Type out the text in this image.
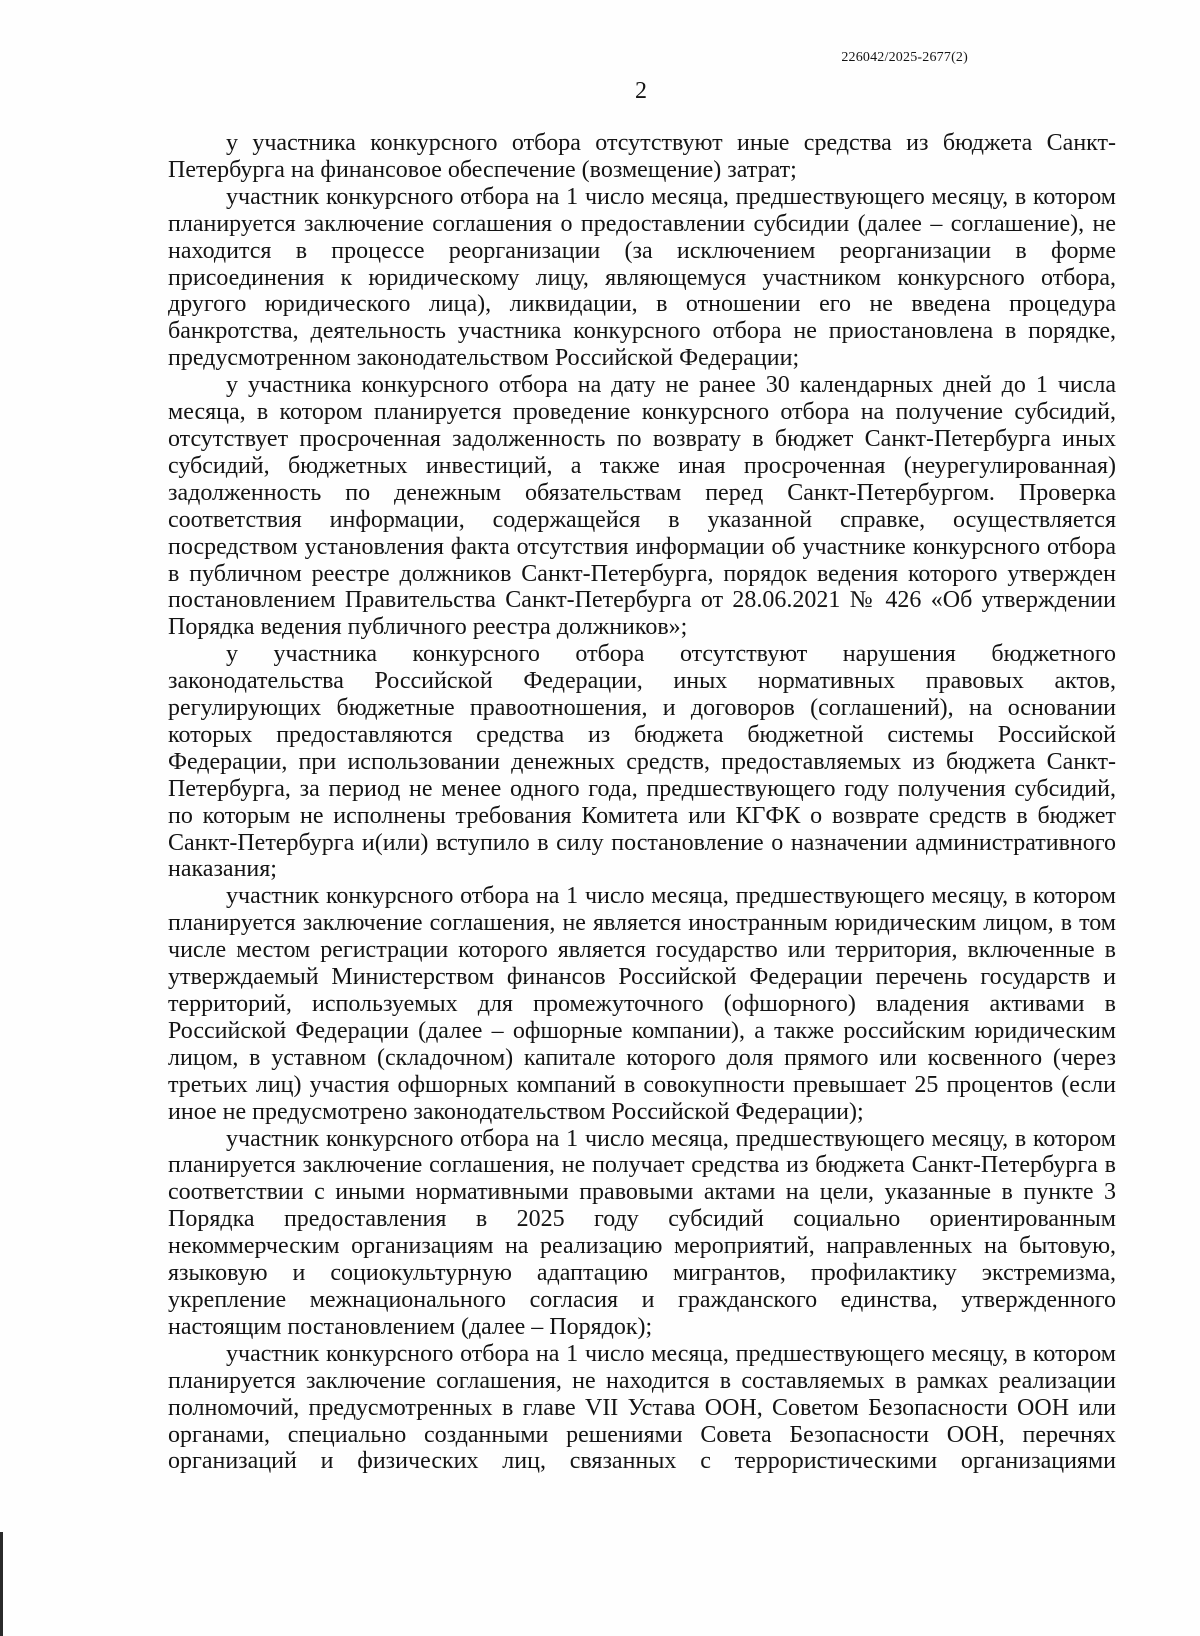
226042/2025-2677(2)
2

у участника конкурсного отбора отсутствуют иные средства из бюджета Санкт-Петербурга на финансовое обеспечение (возмещение) затрат;

участник конкурсного отбора на 1 число месяца, предшествующего месяцу, в котором планируется заключение соглашения о предоставлении субсидии (далее – соглашение), не находится в процессе реорганизации (за исключением реорганизации в форме присоединения к юридическому лицу, являющемуся участником конкурсного отбора, другого юридического лица), ликвидации, в отношении его не введена процедура банкротства, деятельность участника конкурсного отбора не приостановлена в порядке, предусмотренном законодательством Российской Федерации;

у участника конкурсного отбора на дату не ранее 30 календарных дней до 1 числа месяца, в котором планируется проведение конкурсного отбора на получение субсидий, отсутствует просроченная задолженность по возврату в бюджет Санкт-Петербурга иных субсидий, бюджетных инвестиций, а также иная просроченная (неурегулированная) задолженность по денежным обязательствам перед Санкт-Петербургом. Проверка соответствия информации, содержащейся в указанной справке, осуществляется посредством установления факта отсутствия информации об участнике конкурсного отбора в публичном реестре должников Санкт-Петербурга, порядок ведения которого утвержден постановлением Правительства Санкт-Петербурга от 28.06.2021 № 426 «Об утверждении Порядка ведения публичного реестра должников»;

у участника конкурсного отбора отсутствуют нарушения бюджетного законодательства Российской Федерации, иных нормативных правовых актов, регулирующих бюджетные правоотношения, и договоров (соглашений), на основании которых предоставляются средства из бюджета бюджетной системы Российской Федерации, при использовании денежных средств, предоставляемых из бюджета Санкт-Петербурга, за период не менее одного года, предшествующего году получения субсидий, по которым не исполнены требования Комитета или КГФК о возврате средств в бюджет Санкт-Петербурга и(или) вступило в силу постановление о назначении административного наказания;

участник конкурсного отбора на 1 число месяца, предшествующего месяцу, в котором планируется заключение соглашения, не является иностранным юридическим лицом, в том числе местом регистрации которого является государство или территория, включенные в утверждаемый Министерством финансов Российской Федерации перечень государств и территорий, используемых для промежуточного (офшорного) владения активами в Российской Федерации (далее – офшорные компании), а также российским юридическим лицом, в уставном (складочном) капитале которого доля прямого или косвенного (через третьих лиц) участия офшорных компаний в совокупности превышает 25 процентов (если иное не предусмотрено законодательством Российской Федерации);

участник конкурсного отбора на 1 число месяца, предшествующего месяцу, в котором планируется заключение соглашения, не получает средства из бюджета Санкт-Петербурга в соответствии с иными нормативными правовыми актами на цели, указанные в пункте 3 Порядка предоставления в 2025 году субсидий социально ориентированным некоммерческим организациям на реализацию мероприятий, направленных на бытовую, языковую и социокультурную адаптацию мигрантов, профилактику экстремизма, укрепление межнационального согласия и гражданского единства, утвержденного настоящим постановлением (далее – Порядок);

участник конкурсного отбора на 1 число месяца, предшествующего месяцу, в котором планируется заключение соглашения, не находится в составляемых в рамках реализации полномочий, предусмотренных в главе VII Устава ООН, Советом Безопасности ООН или органами, специально созданными решениями Совета Безопасности ООН, перечнях организаций и физических лиц, связанных с террористическими организациями
